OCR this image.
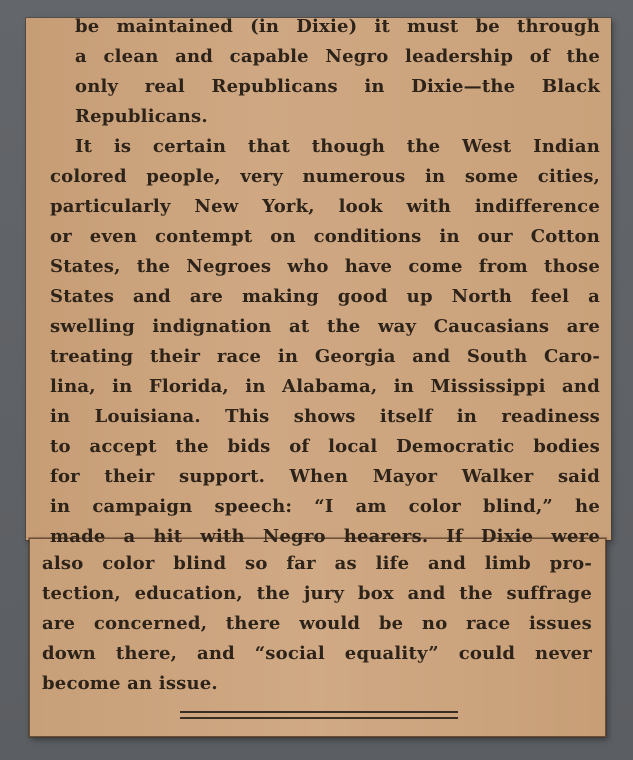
be maintained (in Dixie) it must be through
a clean and capable Negro leadership of the
only real Republicans in Dixie—the Black
Republicans.
It is certain that though the West Indian
colored people, very numerous in some cities,
particularly New York, look with indifference
or even contempt on conditions in our Cotton
States, the Negroes who have come from those
States and are making good up North feel a
swelling indignation at the way Caucasians are
treating their race in Georgia and South Caro-
lina, in Florida, in Alabama, in Mississippi and
in Louisiana. This shows itself in readiness
to accept the bids of local Democratic bodies
for their support. When Mayor Walker said
in campaign speech: “I am color blind,” he
made a hit with Negro hearers. If Dixie were
also color blind so far as life and limb pro-
tection, education, the jury box and the suffrage
are concerned, there would be no race issues
down there, and “social equality” could never
become an issue.
